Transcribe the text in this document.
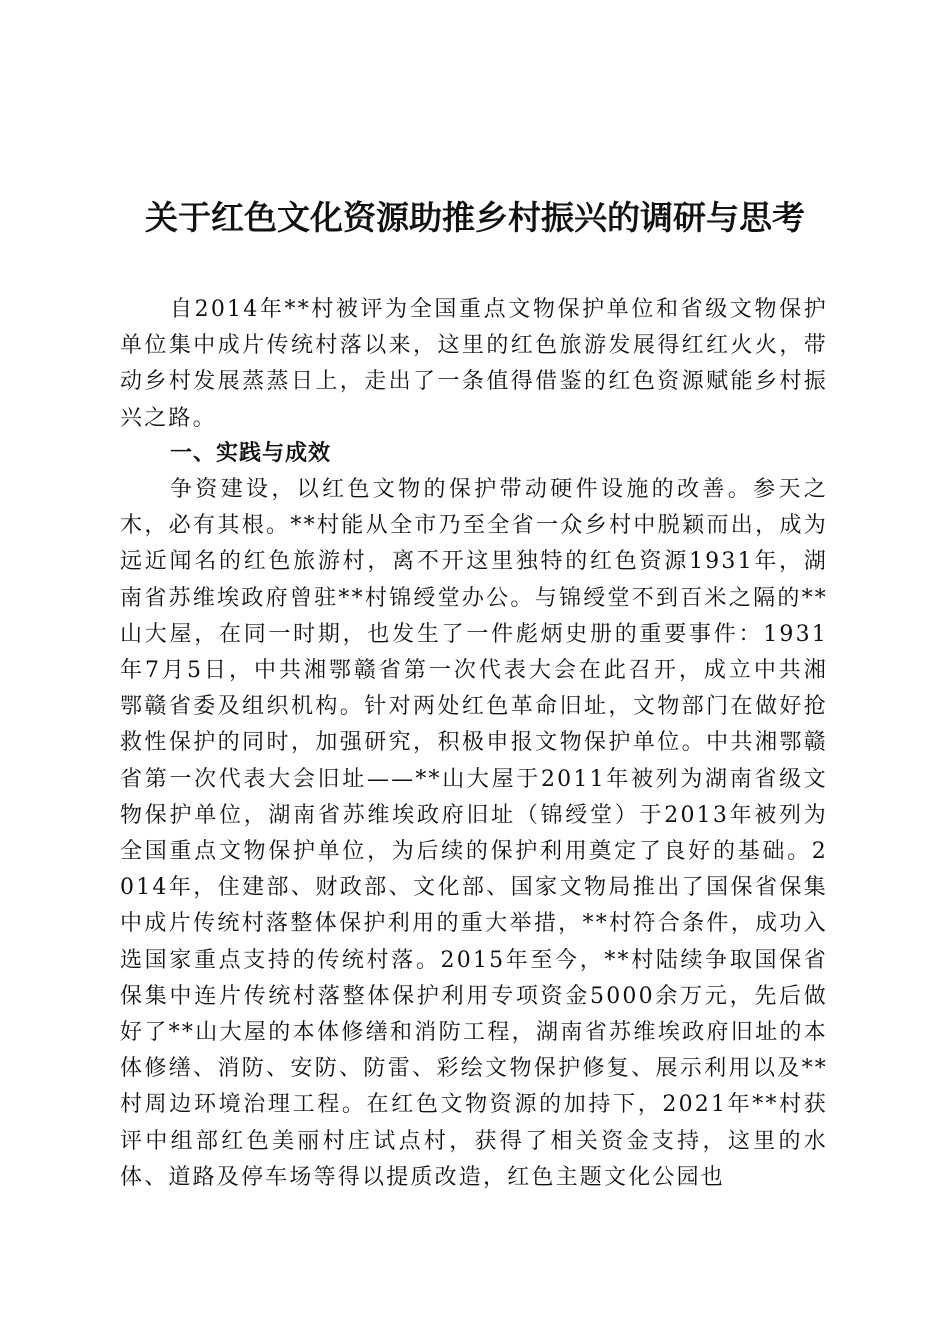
关于红色文化资源助推乡村振兴的调研与思考

自2014年**村被评为全国重点文物保护单位和省级文物保护单位集中成片传统村落以来，这里的红色旅游发展得红红火火，带动乡村发展蒸蒸日上，走出了一条值得借鉴的红色资源赋能乡村振兴之路。

一、实践与成效

争资建设，以红色文物的保护带动硬件设施的改善。参天之木，必有其根。**村能从全市乃至全省一众乡村中脱颖而出，成为远近闻名的红色旅游村，离不开这里独特的红色资源1931年，湖南省苏维埃政府曾驻**村锦绶堂办公。与锦绶堂不到百米之隔的**山大屋，在同一时期，也发生了一件彪炳史册的重要事件：1931年7月5日，中共湘鄂赣省第一次代表大会在此召开，成立中共湘鄂赣省委及组织机构。针对两处红色革命旧址，文物部门在做好抢救性保护的同时，加强研究，积极申报文物保护单位。中共湘鄂赣省第一次代表大会旧址——**山大屋于2011年被列为湖南省级文物保护单位，湖南省苏维埃政府旧址（锦绶堂）于2013年被列为全国重点文物保护单位，为后续的保护利用奠定了良好的基础。2014年，住建部、财政部、文化部、国家文物局推出了国保省保集中成片传统村落整体保护利用的重大举措，**村符合条件，成功入选国家重点支持的传统村落。2015年至今，**村陆续争取国保省保集中连片传统村落整体保护利用专项资金5000余万元，先后做好了**山大屋的本体修缮和消防工程，湖南省苏维埃政府旧址的本体修缮、消防、安防、防雷、彩绘文物保护修复、展示利用以及**村周边环境治理工程。在红色文物资源的加持下，2021年**村获评中组部红色美丽村庄试点村，获得了相关资金支持，这里的水体、道路及停车场等得以提质改造，红色主题文化公园也
